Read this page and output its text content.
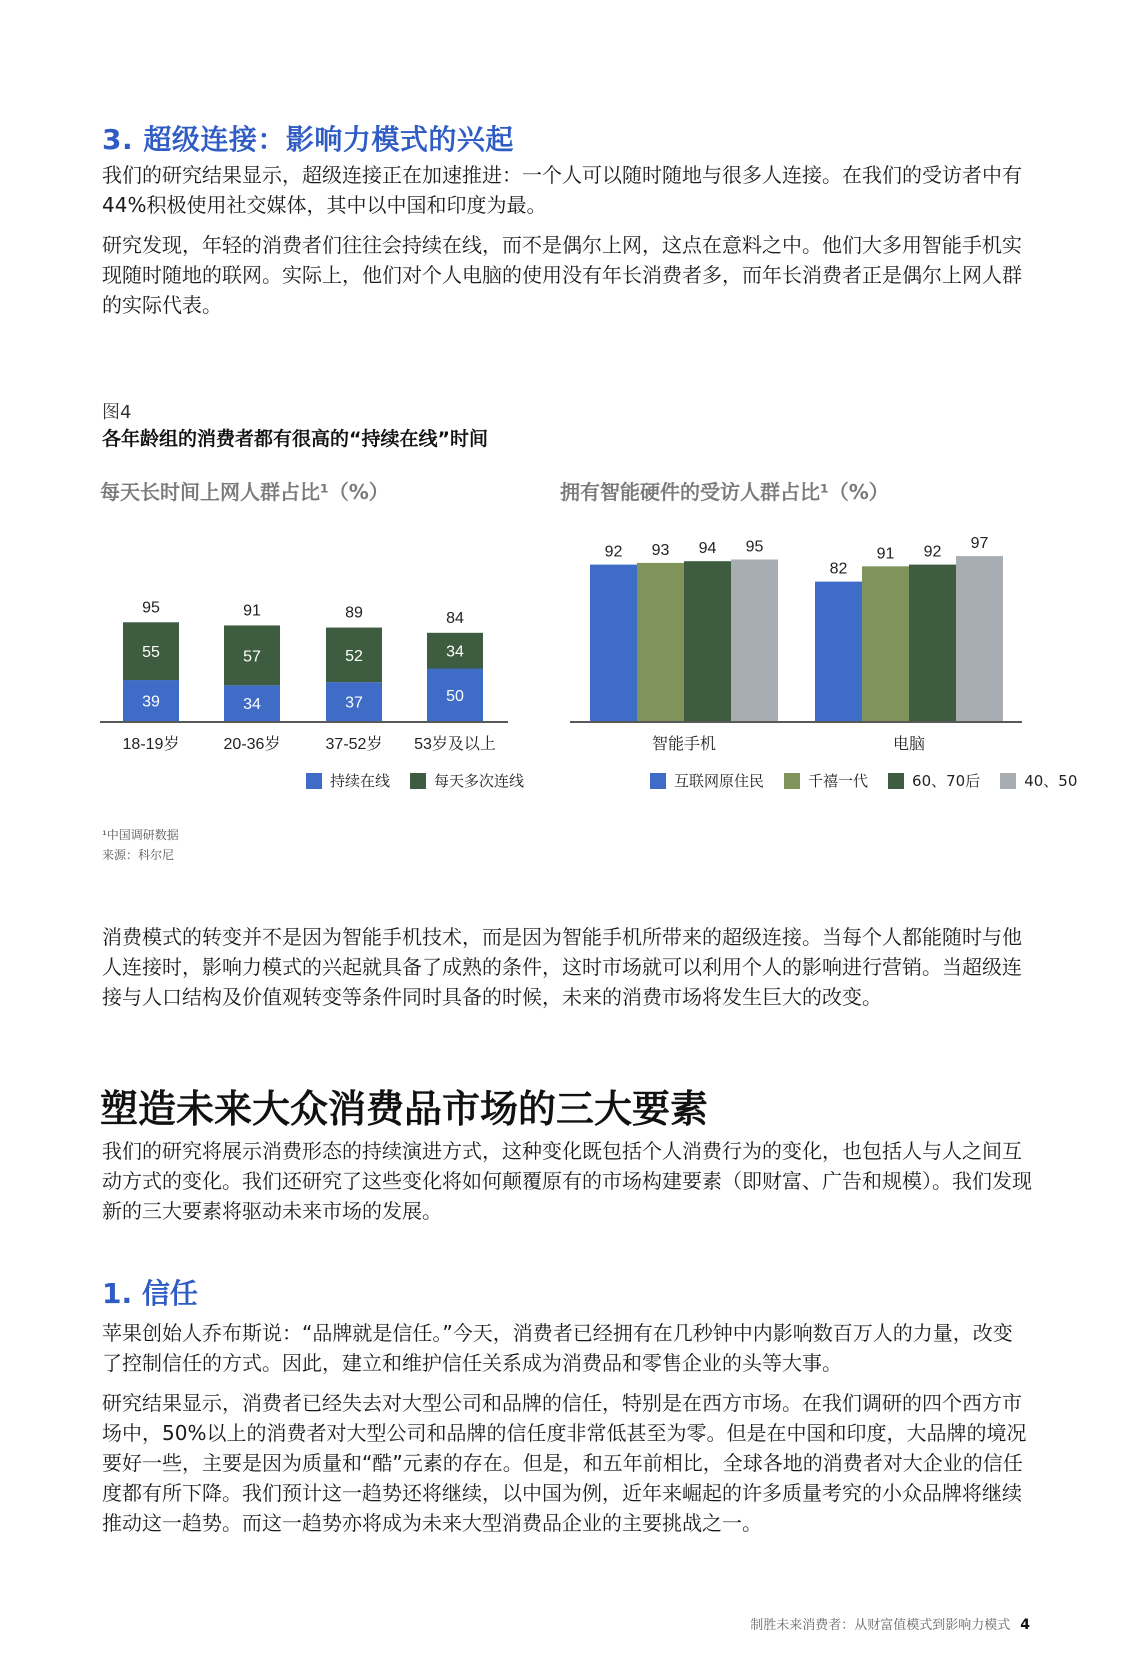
3. 超级连接：影响力模式的兴起

我们的研究结果显示，超级连接正在加速推进：一个人可以随时随地与很多人连接。在我们的受访者中有44%积极使用社交媒体，其中以中国和印度为最。

研究发现，年轻的消费者们往往会持续在线，而不是偶尔上网，这点在意料之中。他们大多用智能手机实现随时随地的联网。实际上，他们对个人电脑的使用没有年长消费者多，而年长消费者正是偶尔上网人群的实际代表。

图4
各年龄组的消费者都有很高的“持续在线”时间
每天长时间上网人群占比¹（%）	拥有智能硬件的受访人群占比¹（%）
39
55
95
18-19岁
34
57
91
20-36岁
37
52
89
37-52岁
50
34
84
53岁及以上
92 93 94 95
智能手机
82
91 92 97
电脑
持续在线	每天多次连线	互联网原住民	千禧一代	60、70后	40、50
¹中国调研数据
来源：科尔尼

消费模式的转变并不是因为智能手机技术，而是因为智能手机所带来的超级连接。当每个人都能随时与他人连接时，影响力模式的兴起就具备了成熟的条件，这时市场就可以利用个人的影响进行营销。当超级连接与人口结构及价值观转变等条件同时具备的时候，未来的消费市场将发生巨大的改变。

塑造未来大众消费品市场的三大要素

我们的研究将展示消费形态的持续演进方式，这种变化既包括个人消费行为的变化，也包括人与人之间互动方式的变化。我们还研究了这些变化将如何颠覆原有的市场构建要素（即财富、广告和规模）。我们发现新的三大要素将驱动未来市场的发展。

1. 信任

苹果创始人乔布斯说：“品牌就是信任。”今天，消费者已经拥有在几秒钟中内影响数百万人的力量，改变了控制信任的方式。因此，建立和维护信任关系成为消费品和零售企业的头等大事。

研究结果显示，消费者已经失去对大型公司和品牌的信任，特别是在西方市场。在我们调研的四个西方市场中，50%以上的消费者对大型公司和品牌的信任度非常低甚至为零。但是在中国和印度，大品牌的境况要好一些，主要是因为质量和“酷”元素的存在。但是，和五年前相比，全球各地的消费者对大企业的信任度都有所下降。我们预计这一趋势还将继续，以中国为例，近年来崛起的许多质量考究的小众品牌将继续推动这一趋势。而这一趋势亦将成为未来大型消费品企业的主要挑战之一。

制胜未来消费者：从财富值模式到影响力模式 4
